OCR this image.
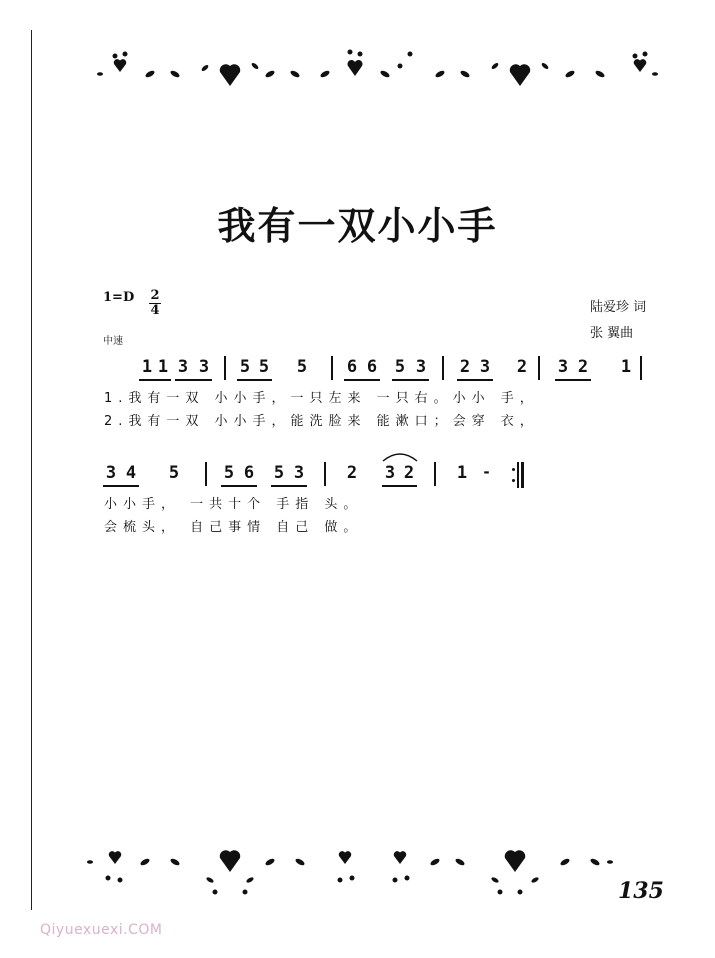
我有一双小小手
1=D 2
4
中速
陆爱珍 词
张 翼曲
1 1 3 3 5 5 5 6 6 5 3 2 3 2 3 2 1
1.我有一双 小小手，一只左来 一只右。小小 手，
2.我有一双 小小手，能洗脸来 能漱口；会穿 衣，
3 4 5	5 6 5 3	2 3 2	1 -
小小手， 一共十个 手指 头。
会梳头， 自己事情 自己 做。
135
Qiyuexuexi.COM
